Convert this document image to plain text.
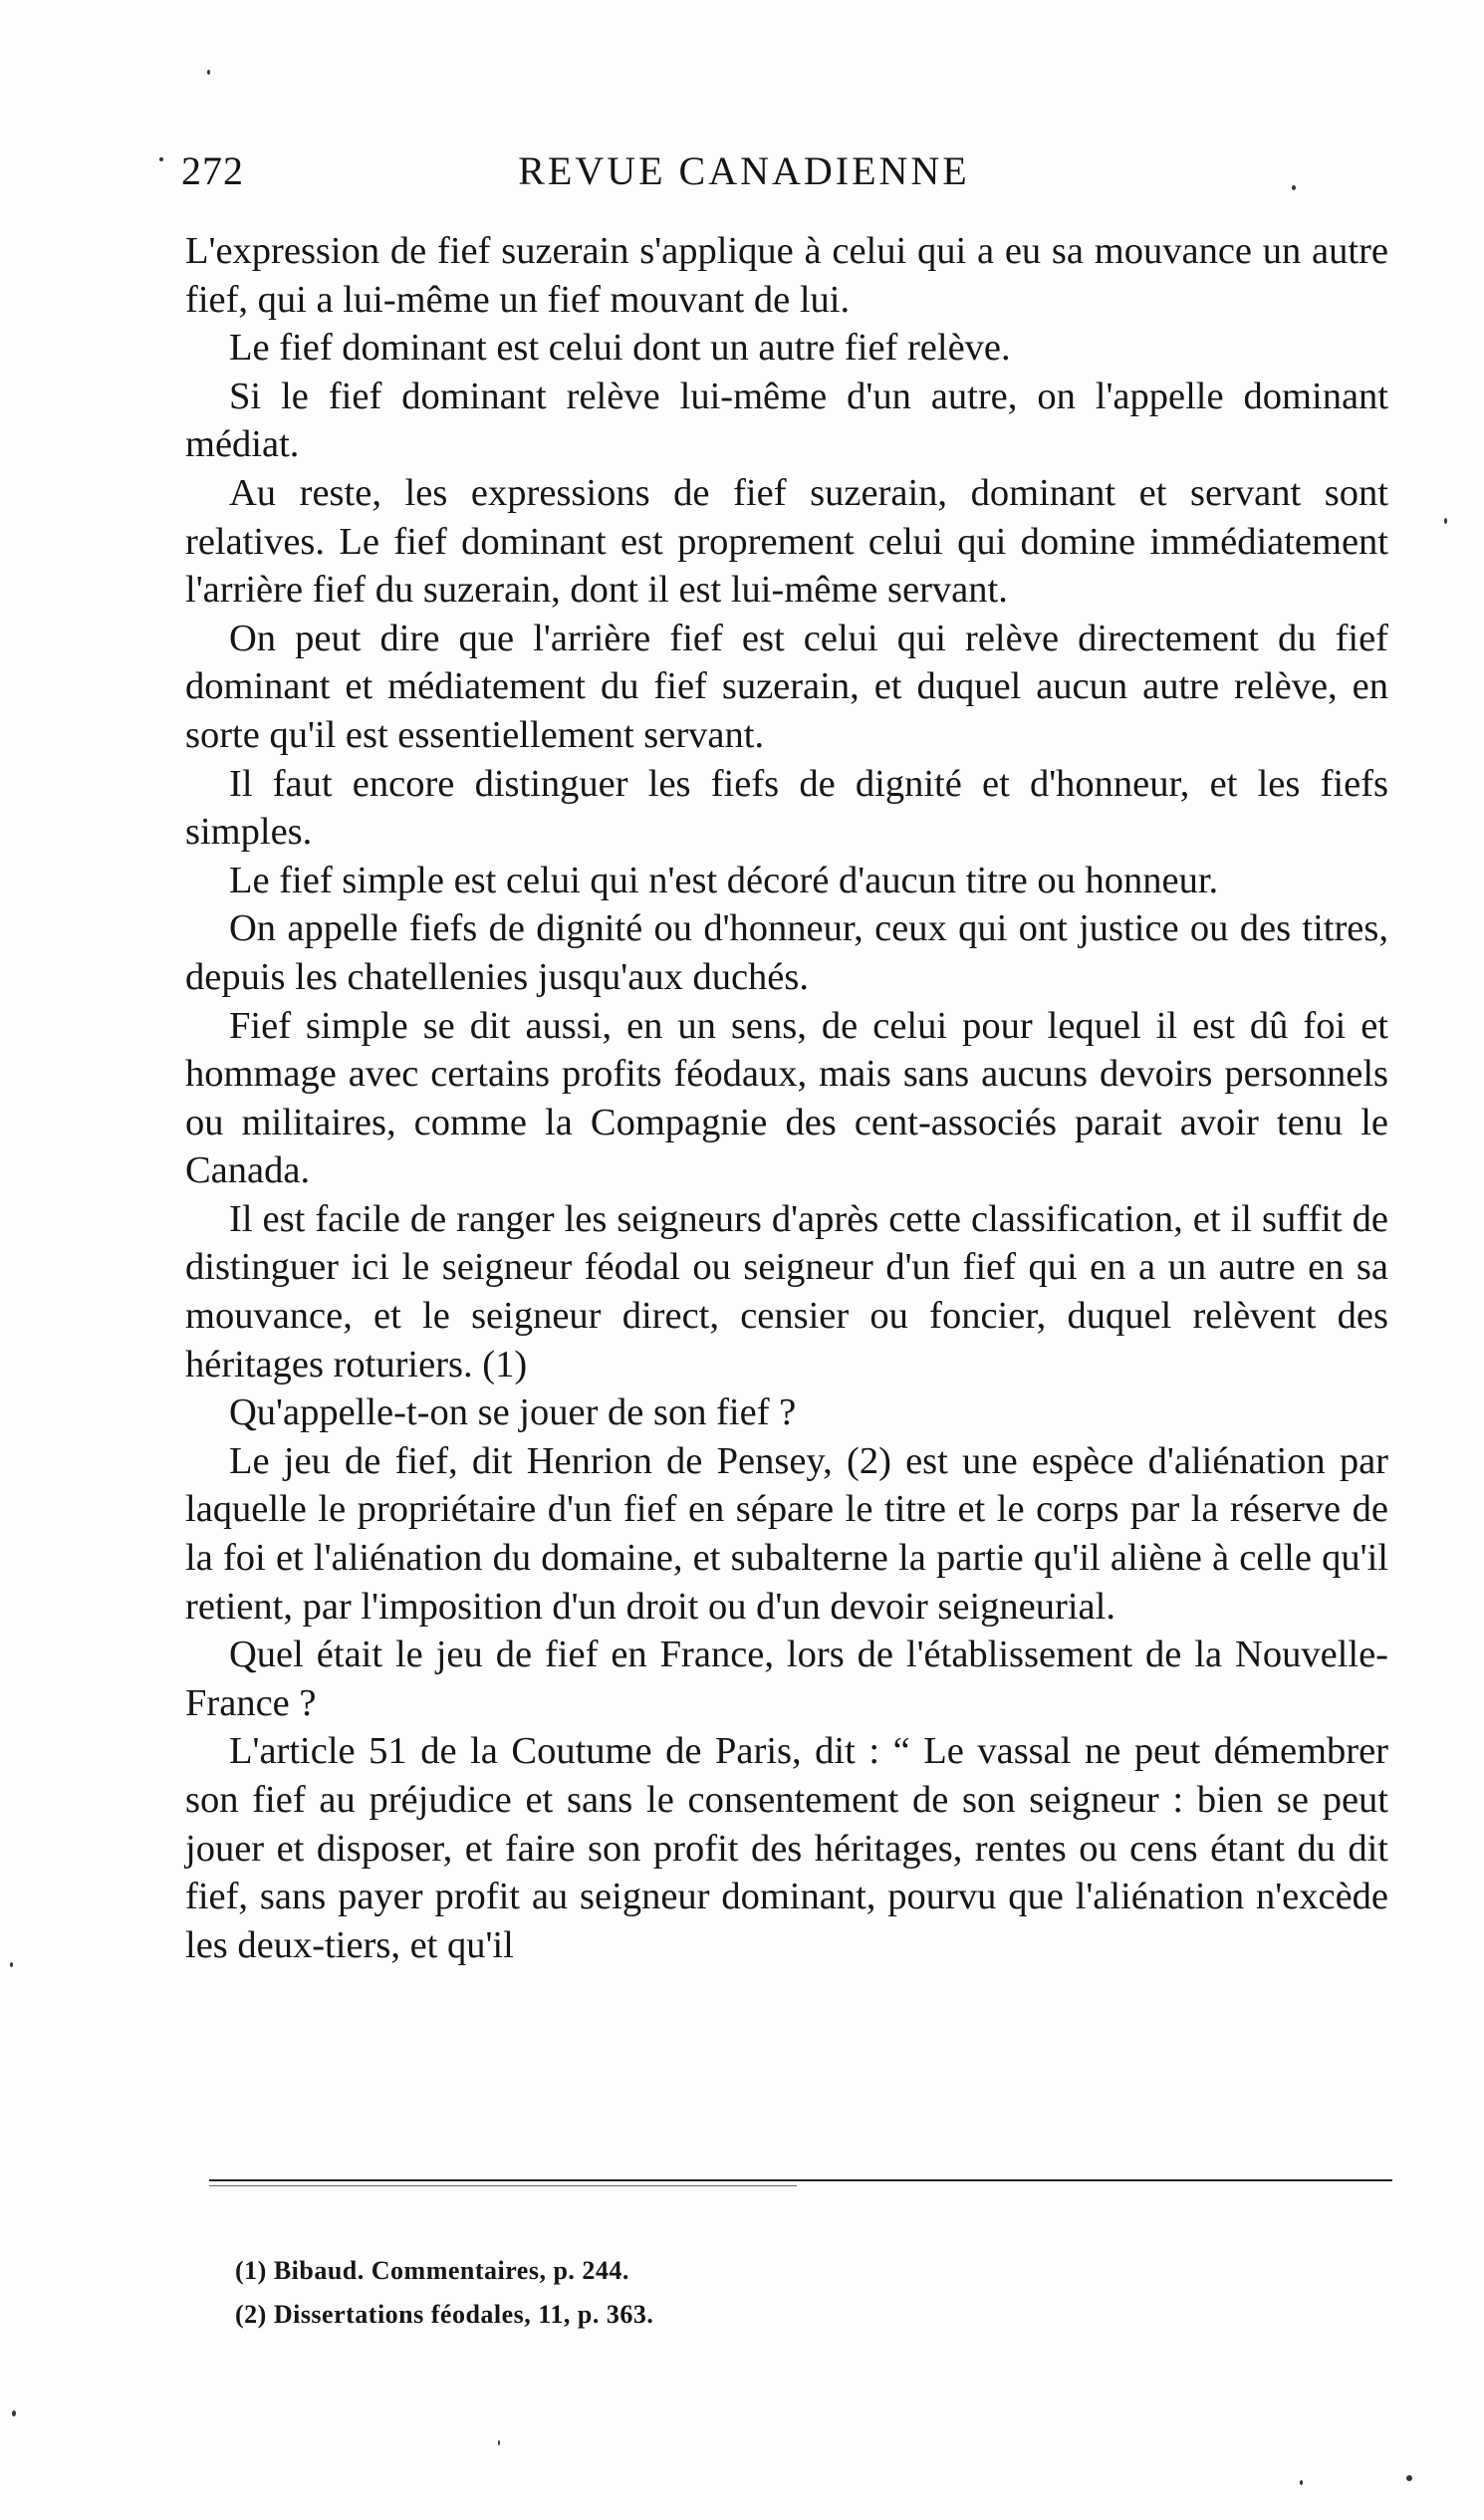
272	REVUE CANADIENNE

L'expression de fief suzerain s'applique à celui qui a eu sa mouvance un autre fief, qui a lui-même un fief mouvant de lui.

Le fief dominant est celui dont un autre fief relève.

Si le fief dominant relève lui-même d'un autre, on l'appelle dominant médiat.

Au reste, les expressions de fief suzerain, dominant et servant sont relatives. Le fief dominant est proprement celui qui domine immédiatement l'arrière fief du suzerain, dont il est lui-même servant.

On peut dire que l'arrière fief est celui qui relève directement du fief dominant et médiatement du fief suzerain, et duquel aucun autre relève, en sorte qu'il est essentiellement servant.

Il faut encore distinguer les fiefs de dignité et d'honneur, et les fiefs simples.

Le fief simple est celui qui n'est décoré d'aucun titre ou honneur.

On appelle fiefs de dignité ou d'honneur, ceux qui ont justice ou des titres, depuis les chatellenies jusqu'aux duchés.

Fief simple se dit aussi, en un sens, de celui pour lequel il est dû foi et hommage avec certains profits féodaux, mais sans aucuns devoirs personnels ou militaires, comme la Compagnie des cent-associés parait avoir tenu le Canada.

Il est facile de ranger les seigneurs d'après cette classification, et il suffit de distinguer ici le seigneur féodal ou seigneur d'un fief qui en a un autre en sa mouvance, et le seigneur direct, censier ou foncier, duquel relèvent des héritages roturiers. (1)

Qu'appelle-t-on se jouer de son fief ?

Le jeu de fief, dit Henrion de Pensey, (2) est une espèce d'aliénation par laquelle le propriétaire d'un fief en sépare le titre et le corps par la réserve de la foi et l'aliénation du domaine, et subalterne la partie qu'il aliène à celle qu'il retient, par l'imposition d'un droit ou d'un devoir seigneurial.

Quel était le jeu de fief en France, lors de l'établissement de la Nouvelle-France ?

L'article 51 de la Coutume de Paris, dit : “ Le vassal ne peut démembrer son fief au préjudice et sans le consentement de son seigneur : bien se peut jouer et disposer, et faire son profit des héritages, rentes ou cens étant du dit fief, sans payer profit au seigneur dominant, pourvu que l'aliénation n'excède les deux-tiers, et qu'il

(1) Bibaud. Commentaires, p. 244.
(2) Dissertations féodales, 11, p. 363.
